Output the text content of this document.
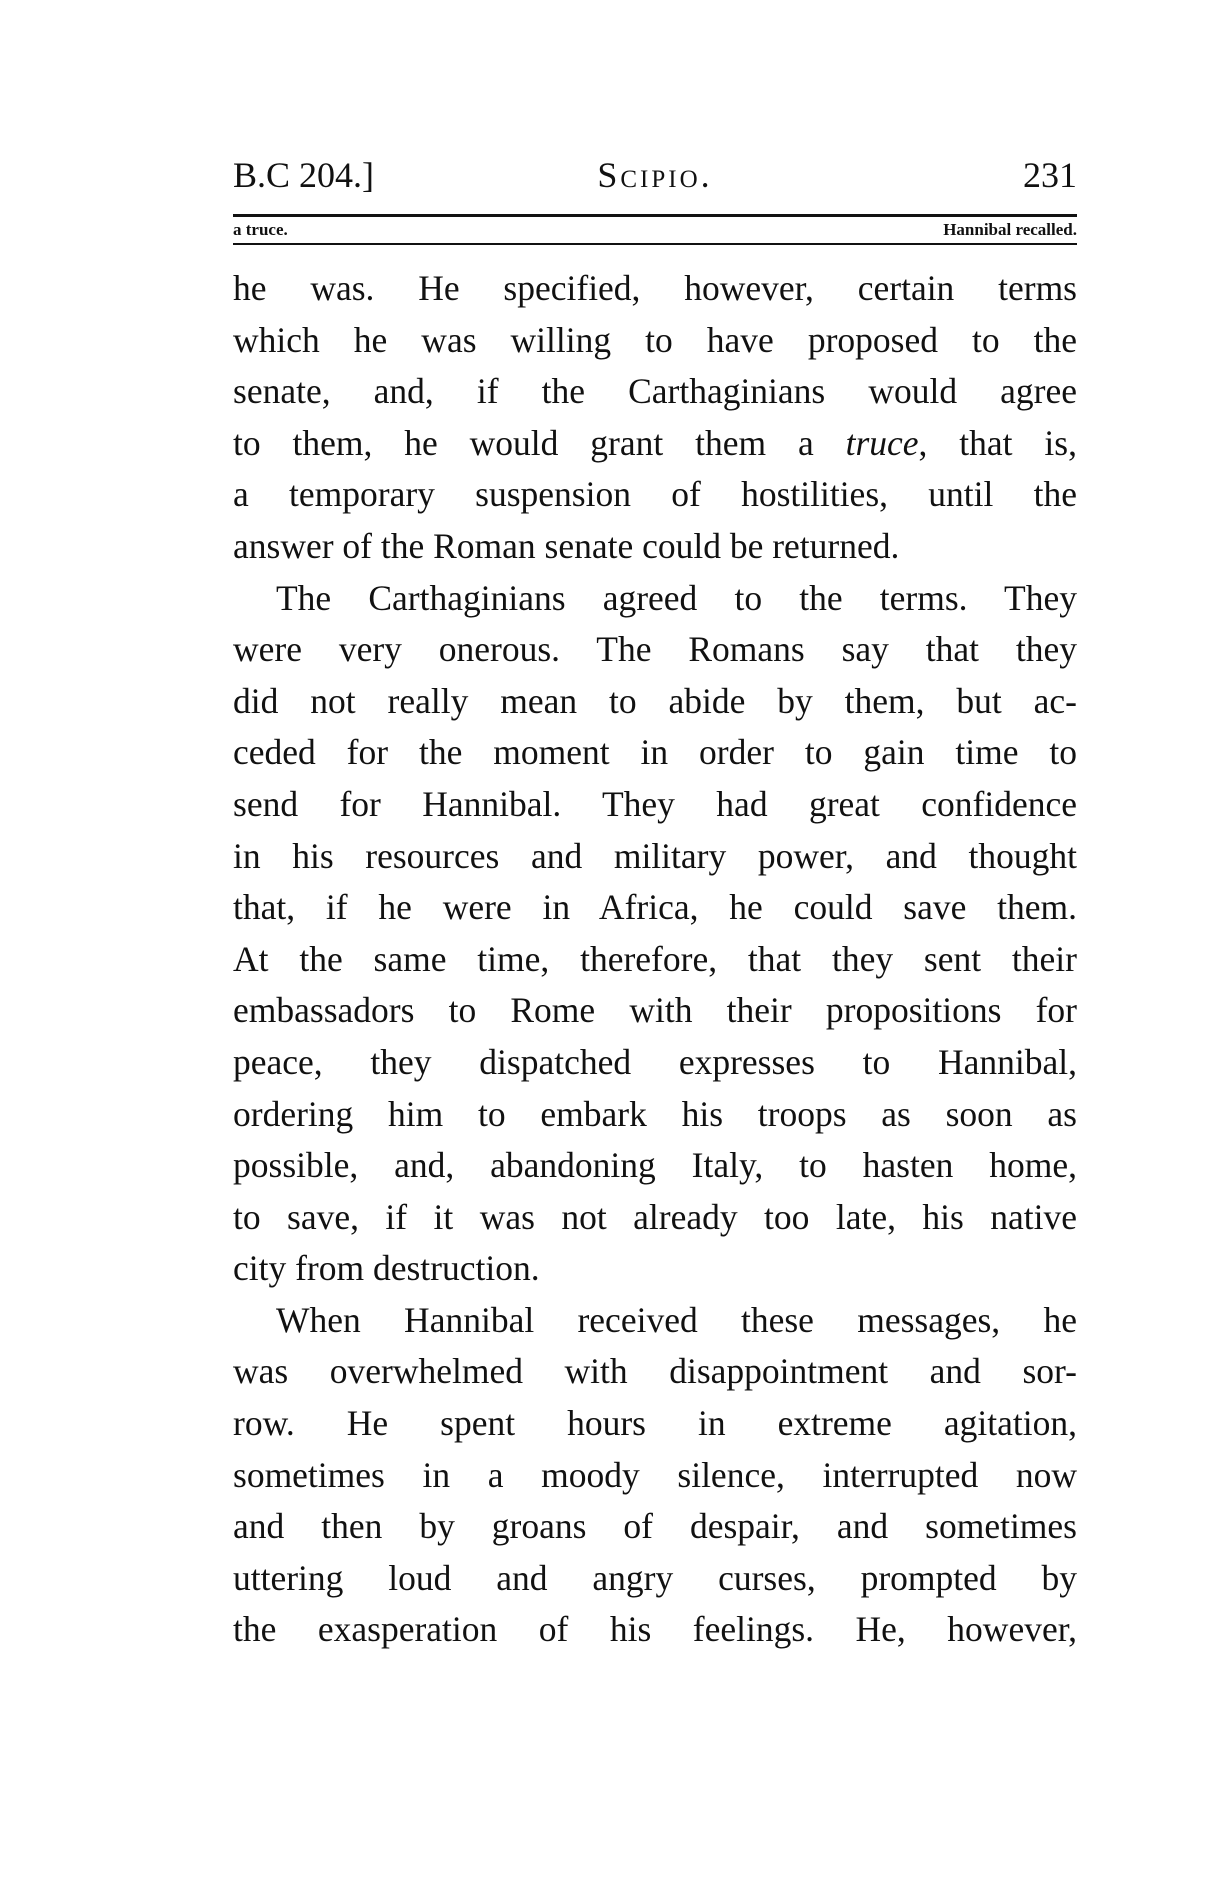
B.C 204.]	Scipio.	231
a truce.	Hannibal recalled.
he was. He specified, however, certain terms
which he was willing to have proposed to the
senate, and, if the Carthaginians would agree
to them, he would grant them a truce, that is,
a temporary suspension of hostilities, until the
answer of the Roman senate could be returned.
The Carthaginians agreed to the terms. They
were very onerous. The Romans say that they
did not really mean to abide by them, but ac-
ceded for the moment in order to gain time to
send for Hannibal. They had great confidence
in his resources and military power, and thought
that, if he were in Africa, he could save them.
At the same time, therefore, that they sent their
embassadors to Rome with their propositions for
peace, they dispatched expresses to Hannibal,
ordering him to embark his troops as soon as
possible, and, abandoning Italy, to hasten home,
to save, if it was not already too late, his native
city from destruction.
When Hannibal received these messages, he
was overwhelmed with disappointment and sor-
row. He spent hours in extreme agitation,
sometimes in a moody silence, interrupted now
and then by groans of despair, and sometimes
uttering loud and angry curses, prompted by
the exasperation of his feelings. He, however,
